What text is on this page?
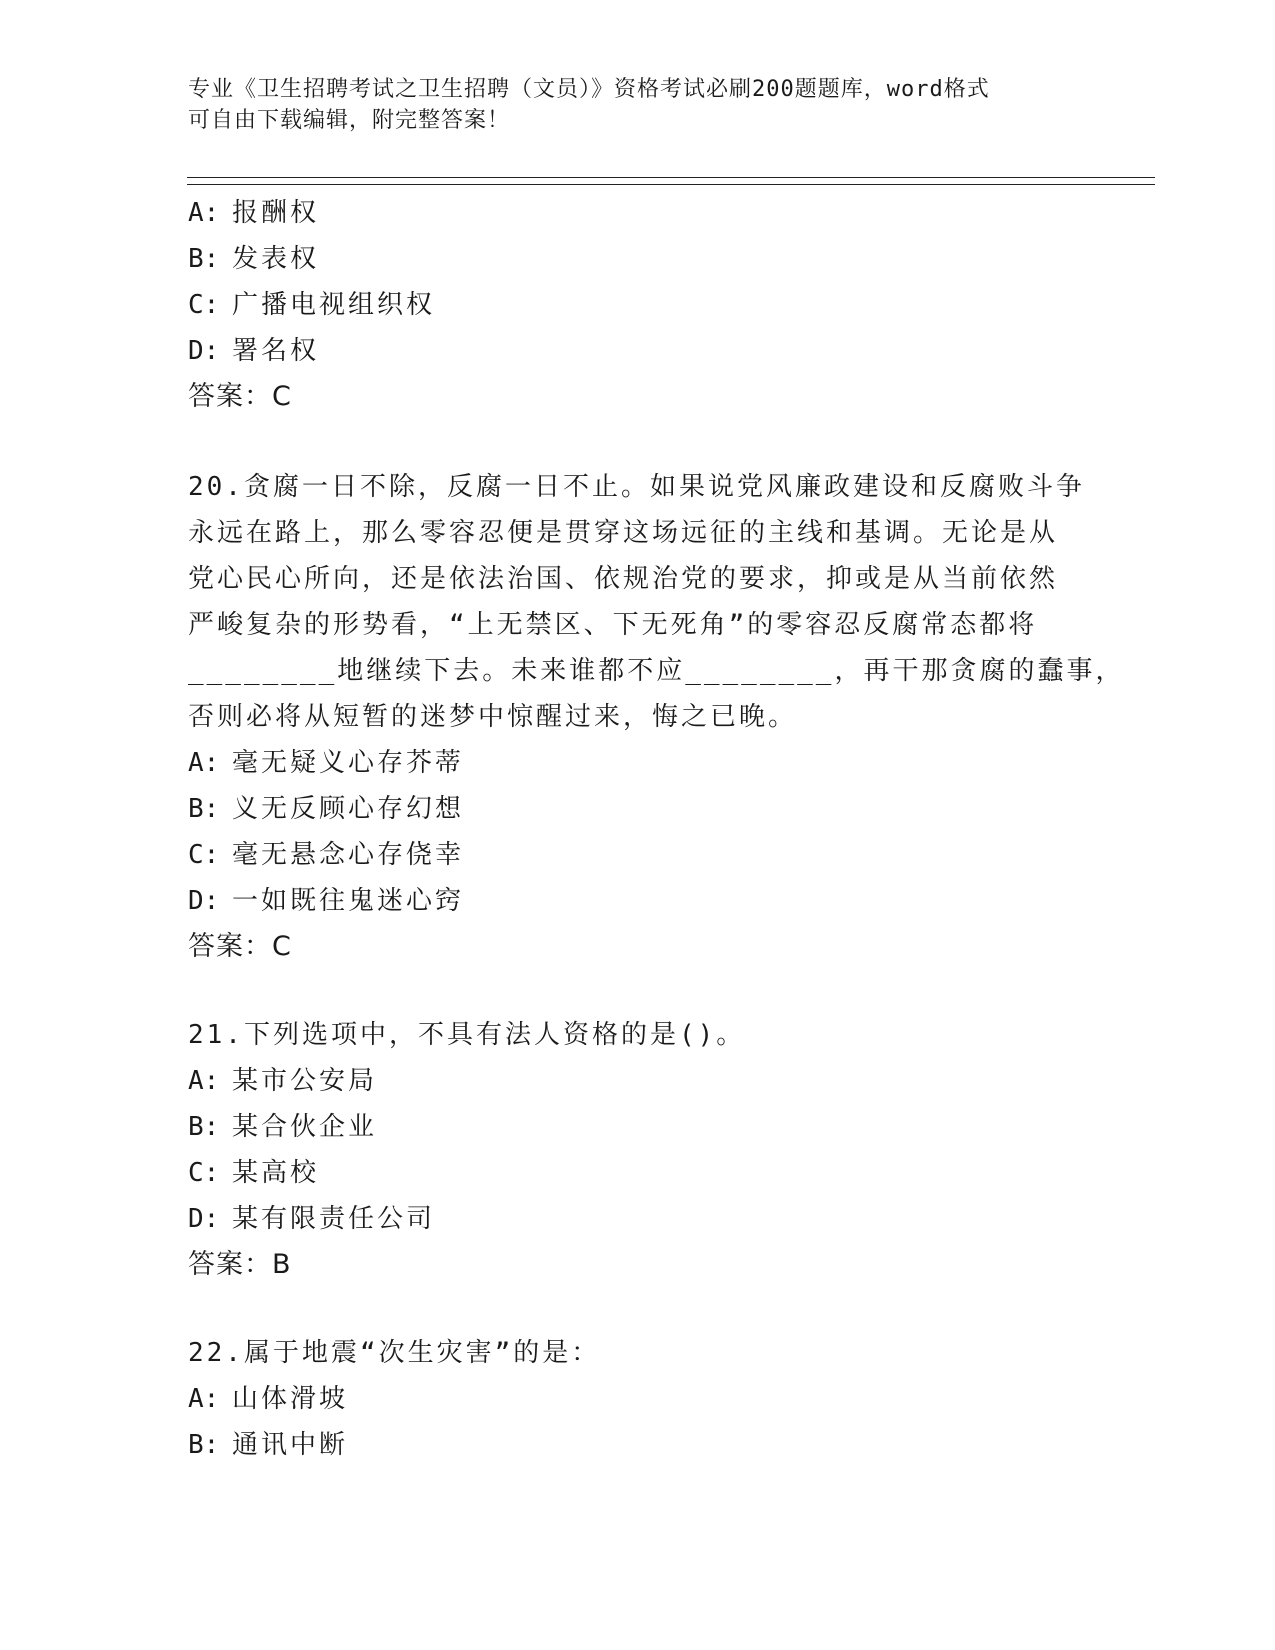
专业《卫生招聘考试之卫生招聘（文员）》资格考试必刷200题题库，word格式
可自由下载编辑，附完整答案！
A: 报酬权
B: 发表权
C: 广播电视组织权
D: 署名权
答案：C
20.贪腐一日不除，反腐一日不止。如果说党风廉政建设和反腐败斗争
永远在路上，那么零容忍便是贯穿这场远征的主线和基调。无论是从
党心民心所向，还是依法治国、依规治党的要求，抑或是从当前依然
严峻复杂的形势看，“上无禁区、下无死角”的零容忍反腐常态都将
________地继续下去。未来谁都不应________，再干那贪腐的蠢事，
否则必将从短暂的迷梦中惊醒过来，悔之已晚。
A: 毫无疑义心存芥蒂
B: 义无反顾心存幻想
C: 毫无悬念心存侥幸
D: 一如既往鬼迷心窍
答案：C
21.下列选项中，不具有法人资格的是()。
A: 某市公安局
B: 某合伙企业
C: 某高校
D: 某有限责任公司
答案：B
22.属于地震“次生灾害”的是：
A: 山体滑坡
B: 通讯中断
